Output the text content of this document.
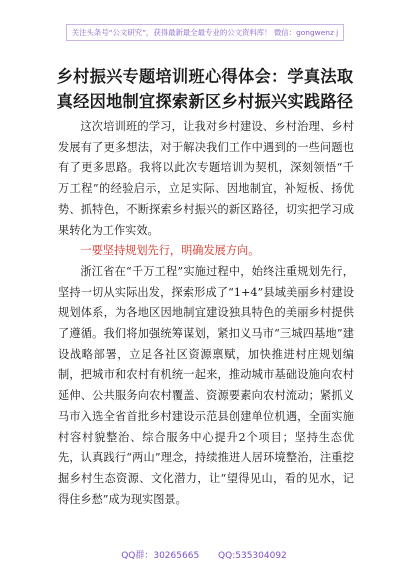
关注头条号“公文研究”，获得最新最全最专业的公文资料库！ 微信：gongwenz j
乡村振兴专题培训班心得体会：学真法取
真经因地制宜探索新区乡村振兴实践路径

这次培训班的学习，让我对乡村建设、乡村治理、乡村发展有了更多想法，对于解决我们工作中遇到的一些问题也有了更多思路。我将以此次专题培训为契机，深刻领悟“千万工程”的经验启示，立足实际、因地制宜，补短板、扬优势、抓特色，不断探索乡村振兴的新区路径，切实把学习成果转化为工作实效。

一要坚持规划先行，明确发展方向。

浙江省在“千万工程”实施过程中，始终注重规划先行，坚持一切从实际出发，探索形成了“1+4”县域美丽乡村建设规划体系，为各地区因地制宜建设独具特色的美丽乡村提供了遵循。我们将加强统筹谋划，紧扣义马市“三城四基地”建设战略部署，立足各社区资源禀赋，加快推进村庄规划编制，把城市和农村有机统一起来，推动城市基础设施向农村延伸、公共服务向农村覆盖、资源要素向农村流动；紧抓义马市入选全省首批乡村建设示范县创建单位机遇，全面实施村容村貌整治、综合服务中心提升2个项目；坚持生态优先，认真践行“两山”理念，持续推进人居环境整治，注重挖掘乡村生态资源、文化潜力，让“望得见山，看的见水，记得住乡愁”成为现实图景。

QQ群：30265665 QQ:535304092
